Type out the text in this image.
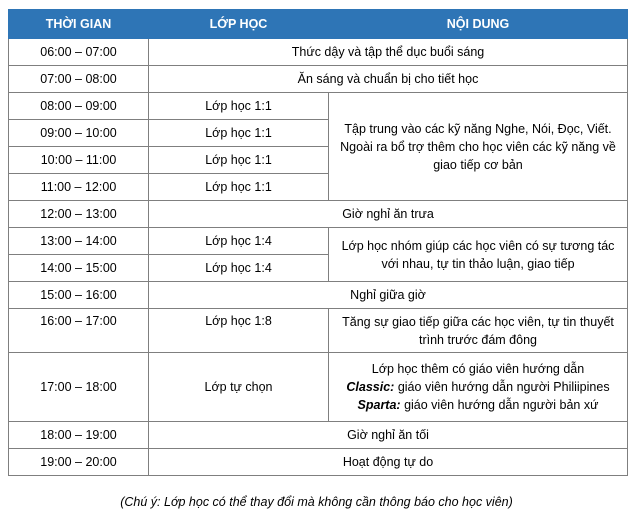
THỜI GIAN	LỚP HỌC	NỘI DUNG
06:00 – 07:00	Thức dậy và tập thể dục buổi sáng	
07:00 – 08:00	Ăn sáng và chuẩn bị cho tiết học	
08:00 – 09:00	Lớp học 1:1	Tập trung vào các kỹ năng Nghe, Nói, Đọc, Viết. Ngoài ra bổ trợ thêm cho học viên các kỹ năng về giao tiếp cơ bản
09:00 – 10:00	Lớp học 1:1	
10:00 – 11:00	Lớp học 1:1	
11:00 – 12:00	Lớp học 1:1	
12:00 – 13:00	Giờ nghỉ ăn trưa	
13:00 – 14:00	Lớp học 1:4	Lớp học nhóm giúp các học viên có sự tương tác với nhau, tự tin thảo luận, giao tiếp
14:00 – 15:00	Lớp học 1:4	
15:00 – 16:00	Nghỉ giữa giờ	
16:00 – 17:00	Lớp học 1:8	Tăng sự giao tiếp giữa các học viên, tự tin thuyết trình trước đám đông
17:00 – 18:00	Lớp tự chọn	Lớp học thêm có giáo viên hướng dẫn
Classic: giáo viên hướng dẫn người Philiipines
Sparta: giáo viên hướng dẫn người bản xứ

18:00 – 19:00	Giờ nghỉ ăn tối	
19:00 – 20:00	Hoạt động tự do	
(Chú ý: Lớp học có thể thay đổi mà không cần thông báo cho học viên)
